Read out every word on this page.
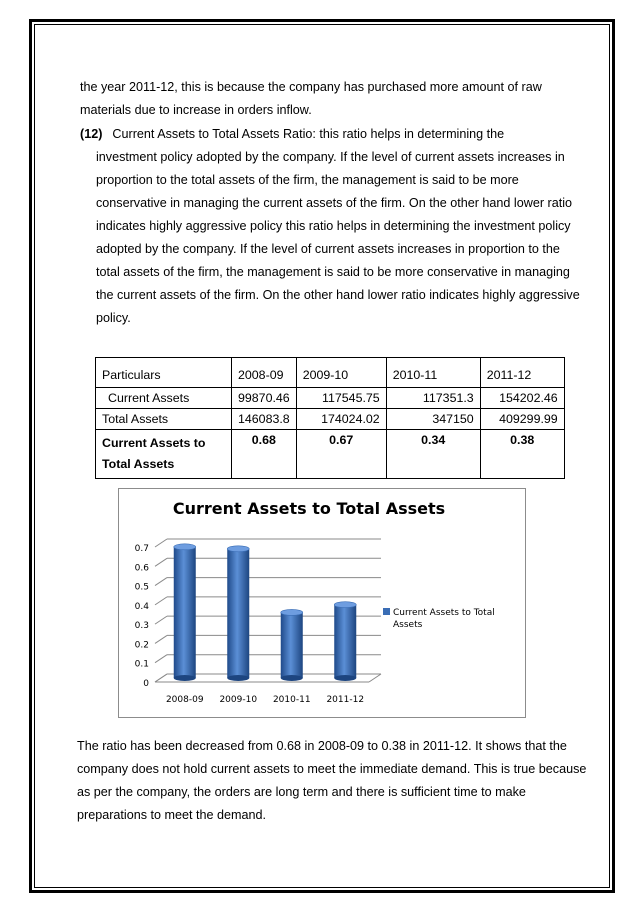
the year 2011-12, this is because the company has purchased more amount of raw materials due to increase in orders inflow.
(12) Current Assets to Total Assets Ratio: this ratio helps in determining the
investment policy adopted by the company. If the level of current assets increases in proportion to the total assets of the firm, the management is said to be more conservative in managing the current assets of the firm. On the other hand lower ratio indicates highly aggressive policy this ratio helps in determining the investment policy adopted by the company. If the level of current assets increases in proportion to the total assets of the firm, the management is said to be more conservative in managing the current assets of the firm. On the other hand lower ratio indicates highly aggressive policy.
Particulars	2008-09	2009-10	2010-11	2011-12
Current Assets	99870.46	117545.75	117351.3	154202.46
Total Assets	146083.8	174024.02	347150	409299.99
Current Assets to Total Assets	0.68	0.67	0.34	0.38
Current Assets to Total Assets
0
0.1
0.2
0.3
0.4
0.5
0.6
0.7
2008-09 2009-10 2010-11 2011-12
Current Assets to Total Assets
The ratio has been decreased from 0.68 in 2008-09 to 0.38 in 2011-12. It shows that the company does not hold current assets to meet the immediate demand. This is true because as per the company, the orders are long term and there is sufficient time to make preparations to meet the demand.
